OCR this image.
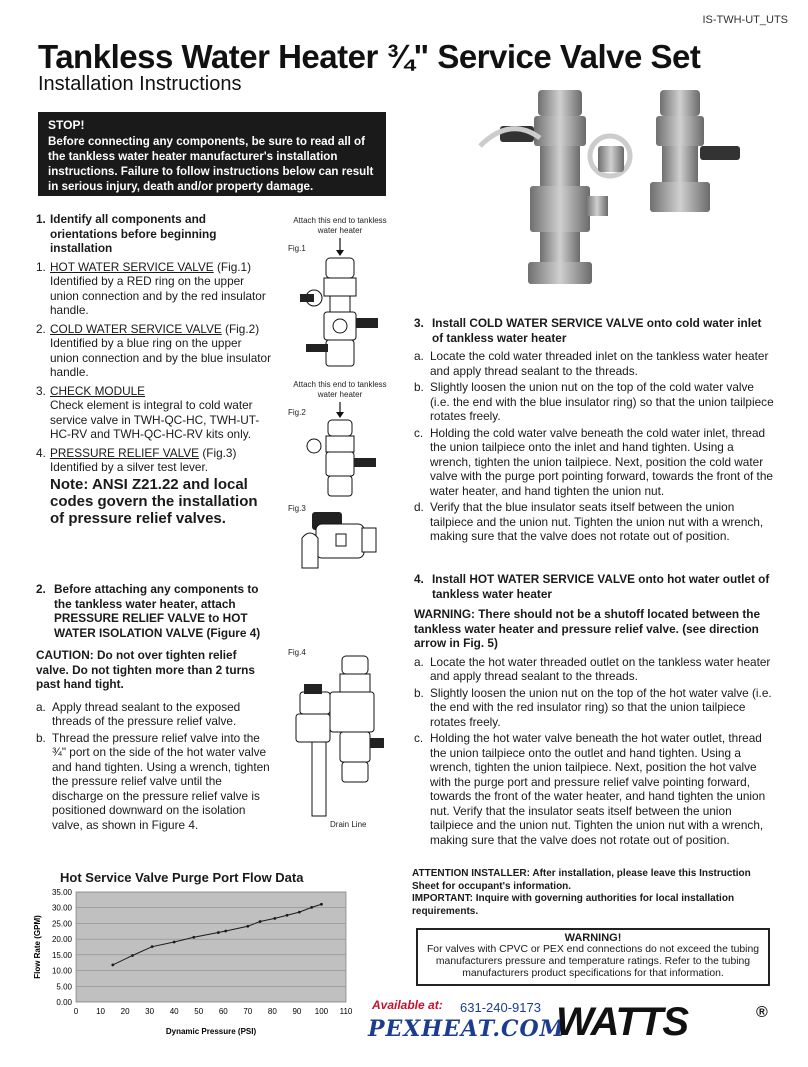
IS-TWH-UT_UTS
Tankless Water Heater ¾" Service Valve Set
Installation Instructions
STOP!
Before connecting any components, be sure to read all of the tankless water heater manufacturer's installation instructions. Failure to follow instructions below can result in serious injury, death and/or property damage.
1. Identify all components and orientations before beginning installation
1. HOT WATER SERVICE VALVE (Fig.1)
Identified by a RED ring on the upper union connection and by the red insulator handle.
2. COLD WATER SERVICE VALVE (Fig.2)
Identified by a blue ring on the upper union connection and by the blue insulator handle.
3. CHECK MODULE
Check element is integral to cold water service valve in TWH-QC-HC, TWH-UT-HC-RV and TWH-QC-HC-RV kits only.
4. PRESSURE RELIEF VALVE (Fig.3)
Identified by a silver test lever.
Note: ANSI Z21.22 and local codes govern the installation of pressure relief valves.
2. Before attaching any components to the tankless water heater, attach PRESSURE RELIEF VALVE to HOT WATER ISOLATION VALVE (Figure 4)
CAUTION: Do not over tighten relief valve. Do not tighten more than 2 turns past hand tight.
a. Apply thread sealant to the exposed threads of the pressure relief valve.
b. Thread the pressure relief valve into the ¾" port on the side of the hot water valve and hand tighten. Using a wrench, tighten the pressure relief valve until the discharge on the pressure relief valve is positioned downward on the isolation valve, as shown in Figure 4.
Attach this end to tankless water heater
Fig.1
Attach this end to tankless water heater
Fig.2
Fig.3
Fig.4
Drain Line
3. Install COLD WATER SERVICE VALVE onto cold water inlet of tankless water heater
a. Locate the cold water threaded inlet on the tankless water heater and apply thread sealant to the threads.
b. Slightly loosen the union nut on the top of the cold water valve (i.e. the end with the blue insulator ring) so that the union tailpiece rotates freely.
c. Holding the cold water valve beneath the cold water inlet, thread the union tailpiece onto the inlet and hand tighten. Using a wrench, tighten the union tailpiece. Next, position the cold water valve with the purge port pointing forward, towards the front of the water heater, and hand tighten the union nut.
d. Verify that the blue insulator seats itself between the union tailpiece and the union nut. Tighten the union nut with a wrench, making sure that the valve does not rotate out of position.
4. Install HOT WATER SERVICE VALVE onto hot water outlet of tankless water heater
WARNING: There should not be a shutoff located between the tankless water heater and pressure relief valve. (see direction arrow in Fig. 5)
a. Locate the hot water threaded outlet on the tankless water heater and apply thread sealant to the threads.
b. Slightly loosen the union nut on the top of the hot water valve (i.e. the end with the red insulator ring) so that the union tailpiece rotates freely.
c. Holding the hot water valve beneath the hot water outlet, thread the union tailpiece onto the outlet and hand tighten. Using a wrench, tighten the union tailpiece. Next, position the hot valve with the purge port and pressure relief valve pointing forward, towards the front of the water heater, and hand tighten the union nut. Verify that the insulator seats itself between the union tailpiece and the union nut. Tighten the union nut with a wrench, making sure that the valve does not rotate out of position.
Hot Service Valve Purge Port Flow Data
0.00
5.00
10.00
15.00
20.00
25.00
30.00
35.00
0 10 20 30 40 50 60 70 80 90 100 110
Flow Rate (GPM)
Dynamic Pressure (PSI)
ATTENTION INSTALLER: After installation, please leave this Instruction Sheet for occupant's information.
IMPORTANT: Inquire with governing authorities for local installation requirements.
WARNING!
For valves with CPVC or PEX end connections do not exceed the tubing manufacturers pressure and temperature ratings. Refer to the tubing manufacturers product specifications for that information.
Available at: 631-240-9173
PEXHEAT.COM
WATTS	®
